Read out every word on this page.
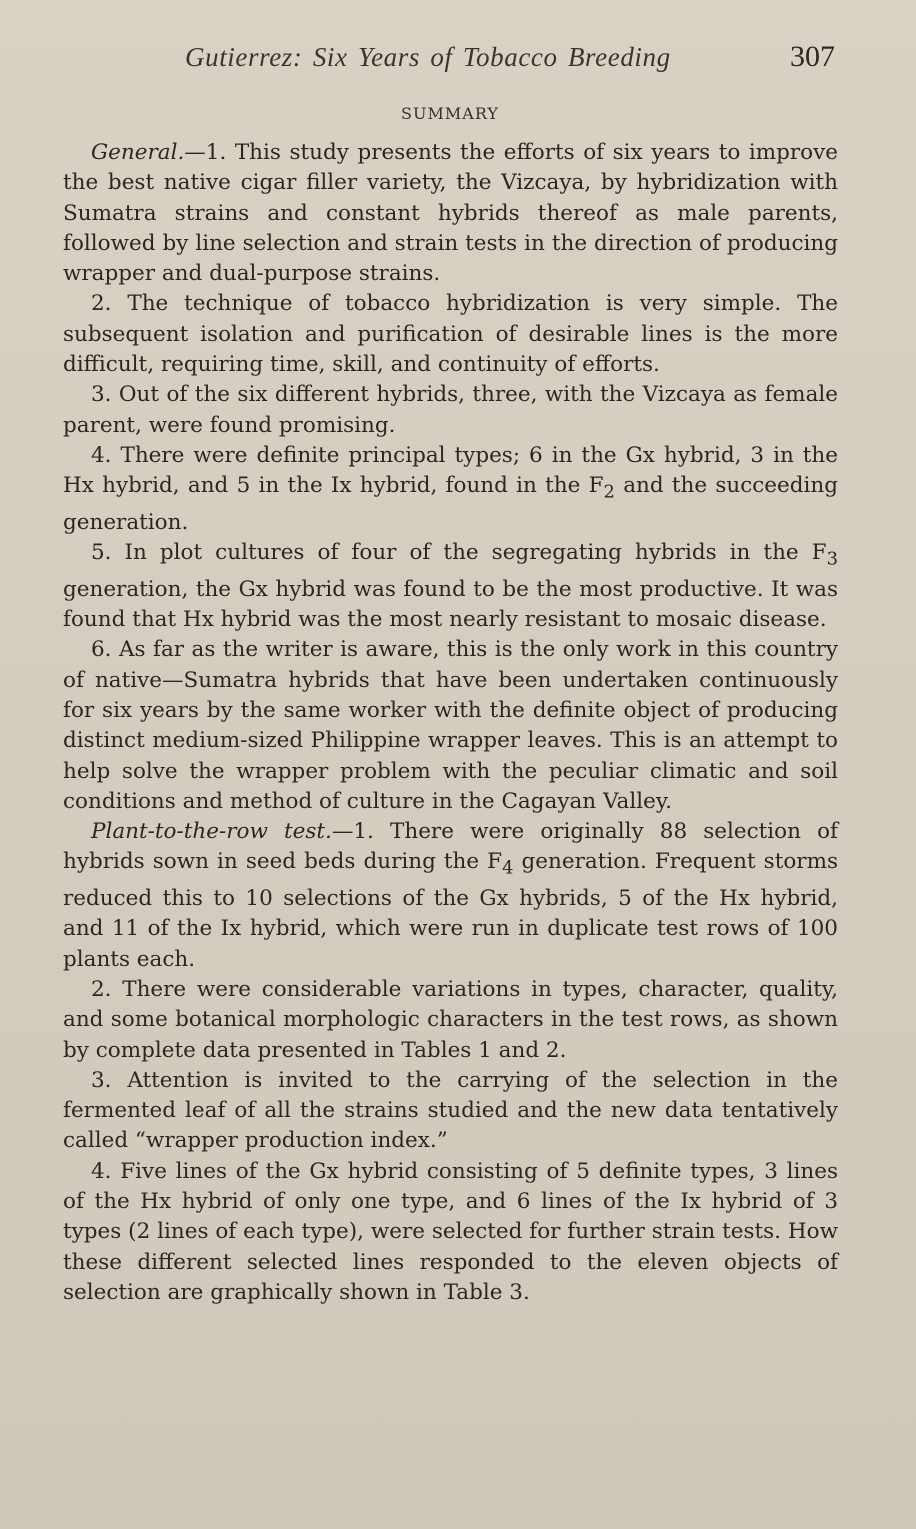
Gutierrez: Six Years of Tobacco Breeding	307
SUMMARY

General.—1. This study presents the efforts of six years to improve the best native cigar filler variety, the Vizcaya, by hybridization with Sumatra strains and constant hybrids thereof as male parents, followed by line selection and strain tests in the direction of producing wrapper and dual-purpose strains.

2. The technique of tobacco hybridization is very simple. The subsequent isolation and purification of desirable lines is the more difficult, requiring time, skill, and continuity of efforts.

3. Out of the six different hybrids, three, with the Vizcaya as female parent, were found promising.

4. There were definite principal types; 6 in the Gx hybrid, 3 in the Hx hybrid, and 5 in the Ix hybrid, found in the $F_2$ and the succeeding generation.

5. In plot cultures of four of the segregating hybrids in the $F_3$ generation, the Gx hybrid was found to be the most productive. It was found that Hx hybrid was the most nearly resistant to mosaic disease.

6. As far as the writer is aware, this is the only work in this country of native—Sumatra hybrids that have been undertaken continuously for six years by the same worker with the definite object of producing distinct medium-sized Philippine wrapper leaves. This is an attempt to help solve the wrapper problem with the peculiar climatic and soil conditions and method of culture in the Cagayan Valley.

Plant-to-the-row test.—1. There were originally 88 selection of hybrids sown in seed beds during the $F_4$ generation. Frequent storms reduced this to 10 selections of the Gx hybrids, 5 of the Hx hybrid, and 11 of the Ix hybrid, which were run in duplicate test rows of 100 plants each.

2. There were considerable variations in types, character, quality, and some botanical morphologic characters in the test rows, as shown by complete data presented in Tables 1 and 2.

3. Attention is invited to the carrying of the selection in the fermented leaf of all the strains studied and the new data tentatively called “wrapper production index.”

4. Five lines of the Gx hybrid consisting of 5 definite types, 3 lines of the Hx hybrid of only one type, and 6 lines of the Ix hybrid of 3 types (2 lines of each type), were selected for further strain tests. How these different selected lines responded to the eleven objects of selection are graphically shown in Table 3.
